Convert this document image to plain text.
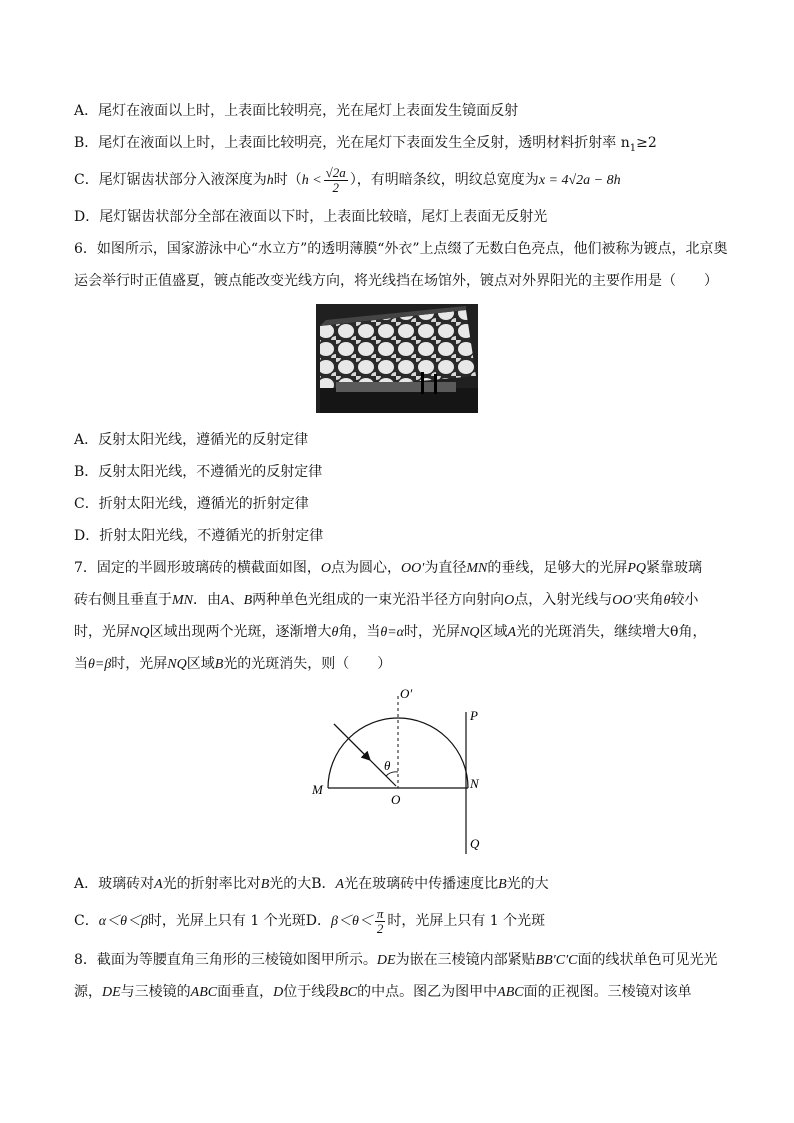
A．尾灯在液面以上时，上表面比较明亮，光在尾灯上表面发生镜面反射
B．尾灯在液面以上时，上表面比较明亮，光在尾灯下表面发生全反射，透明材料折射率 $n_1\ge 2$
C．尾灯锯齿状部分入液深度为h时（$h < \frac{√2a}{2}$ ），有明暗条纹，明纹总宽度为x = 4√2a − 8h
D．尾灯锯齿状部分全部在液面以下时，上表面比较暗，尾灯上表面无反射光
6．如图所示，国家游泳中心“水立方”的透明薄膜“外衣”上点缀了无数白色亮点，他们被称为镀点，北京奥
运会举行时正值盛夏，镀点能改变光线方向，将光线挡在场馆外，镀点对外界阳光的主要作用是（　　）
A．反射太阳光线，遵循光的反射定律
B．反射太阳光线，不遵循光的反射定律
C．折射太阳光线，遵循光的折射定律
D．折射太阳光线，不遵循光的折射定律
7．固定的半圆形玻璃砖的横截面如图，O点为圆心，OO′为直径MN的垂线，足够大的光屏PQ紧靠玻璃
砖右侧且垂直于MN．由A、B两种单色光组成的一束光沿半径方向射向O点，入射光线与OO′夹角θ较小
时，光屏NQ区域出现两个光斑，逐渐增大θ角，当θ=α时，光屏NQ区域A光的光斑消失，继续增大θ角，
当θ=β时，光屏NQ区域B光的光斑消失，则（　　）
O′
P
θ
N
M
O
Q
A．玻璃砖对A光的折射率比对B光的大B．A光在玻璃砖中传播速度比B光的大
C．α＜θ＜β时，光屏上只有 1 个光斑D．$\beta<\theta< \frac{\pi}{2}$ 时，光屏上只有 1 个光斑
8．截面为等腰直角三角形的三棱镜如图甲所示。DE为嵌在三棱镜内部紧贴BB′C′C面的线状单色可见光光
源，DE与三棱镜的ABC面垂直，D位于线段BC的中点。图乙为图甲中ABC面的正视图。三棱镜对该单
